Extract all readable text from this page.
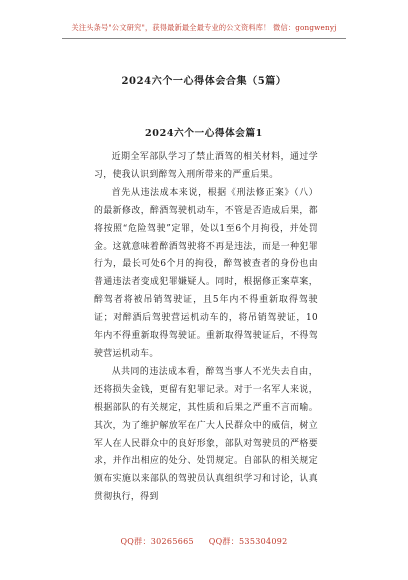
关注头条号"公文研究"，获得最新最全最专业的公文资料库！ 微信：gongwenyj
2024六个一心得体会合集（5篇）
2024六个一心得体会篇1

近期全军部队学习了禁止酒驾的相关材料，通过学习，使我认识到醉驾入刑所带来的严重后果。

首先从违法成本来说，根据《刑法修正案》（八）的最新修改，醉酒驾驶机动车，不管是否造成后果，都将按照“危险驾驶”定罪，处以1至6个月拘役，并处罚金。这就意味着醉酒驾驶将不再是违法，而是一种犯罪行为，最长可处6个月的拘役，醉驾被查者的身份也由普通违法者变成犯罪嫌疑人。同时，根据修正案草案，醉驾者将被吊销驾驶证，且5年内不得重新取得驾驶证；对醉酒后驾驶营运机动车的，将吊销驾驶证，10年内不得重新取得驾驶证。重新取得驾驶证后，不得驾驶营运机动车。

从共同的违法成本看，醉驾当事人不光失去自由，还将损失金钱，更留有犯罪记录。对于一名军人来说，根据部队的有关规定，其性质和后果之严重不言而喻。其次，为了维护解放军在广大人民群众中的威信，树立军人在人民群众中的良好形象，部队对驾驶员的严格要求，并作出相应的处分、处罚规定。自部队的相关规定颁布实施以来部队的驾驶员认真组织学习和讨论，认真贯彻执行，得到

QQ群：30265665 QQ群：535304092
